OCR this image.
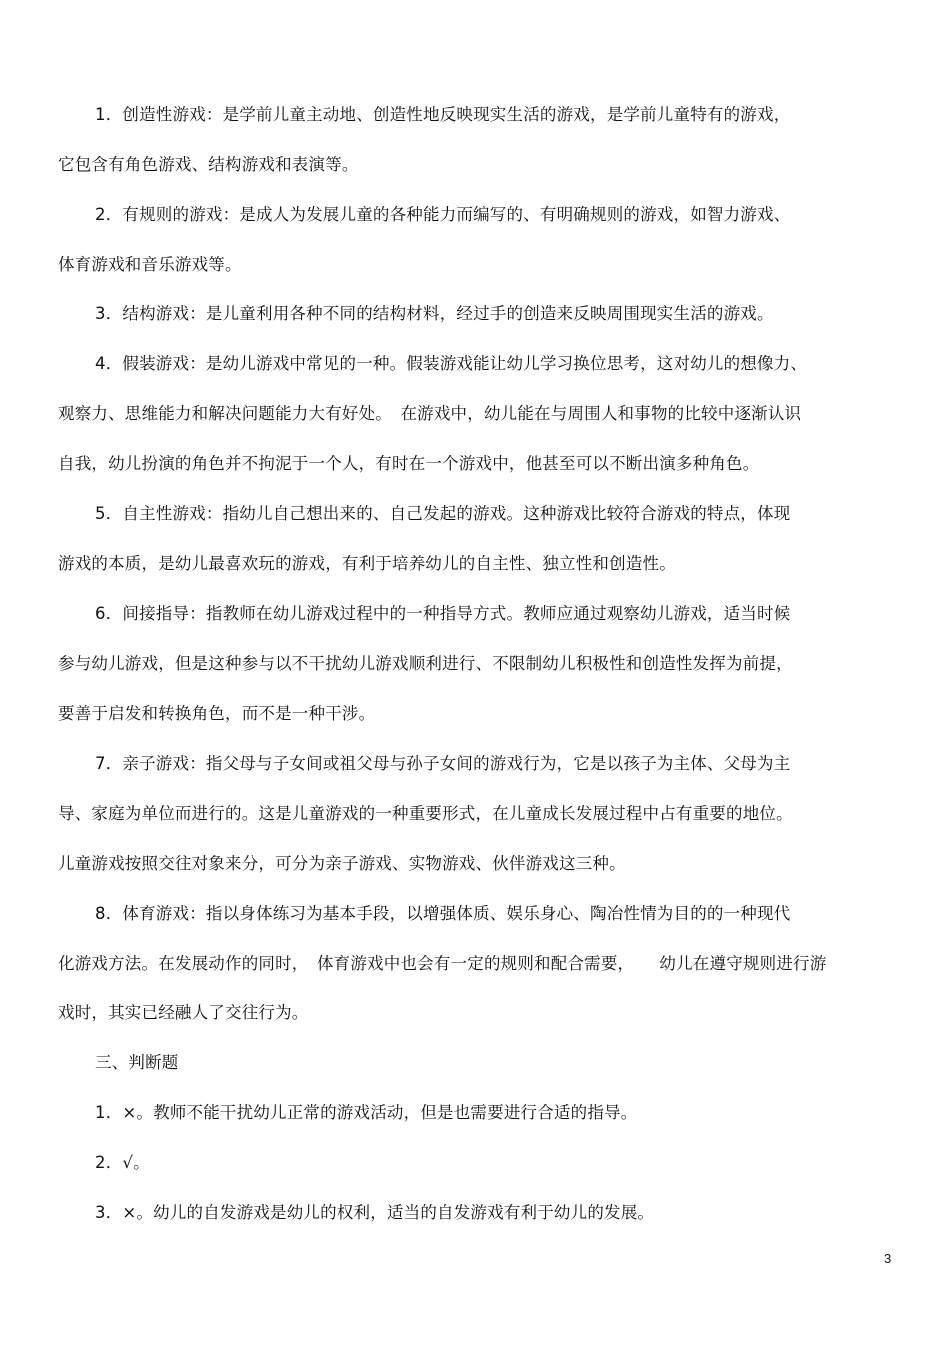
1．创造性游戏：是学前儿童主动地、创造性地反映现实生活的游戏，是学前儿童特有的游戏，
它包含有角色游戏、结构游戏和表演等。
2．有规则的游戏：是成人为发展儿童的各种能力而编写的、有明确规则的游戏，如智力游戏、
体育游戏和音乐游戏等。
3．结构游戏：是儿童利用各种不同的结构材料，经过手的创造来反映周围现实生活的游戏。
4．假装游戏：是幼儿游戏中常见的一种。假装游戏能让幼儿学习换位思考，这对幼儿的想像力、
观察力、思维能力和解决问题能力大有好处。　在游戏中，幼儿能在与周围人和事物的比较中逐渐认识
自我，幼儿扮演的角色并不拘泥于一个人，有时在一个游戏中，他甚至可以不断出演多种角色。
5．自主性游戏：指幼儿自己想出来的、自己发起的游戏。这种游戏比较符合游戏的特点，体现
游戏的本质，是幼儿最喜欢玩的游戏，有利于培养幼儿的自主性、独立性和创造性。
6．间接指导：指教师在幼儿游戏过程中的一种指导方式。教师应通过观察幼儿游戏，适当时候
参与幼儿游戏，但是这种参与以不干扰幼儿游戏顺利进行、不限制幼儿积极性和创造性发挥为前提，
要善于启发和转换角色，而不是一种干涉。
7．亲子游戏：指父母与子女间或祖父母与孙子女间的游戏行为，它是以孩子为主体、父母为主
导、家庭为单位而进行的。这是儿童游戏的一种重要形式，在儿童成长发展过程中占有重要的地位。
儿童游戏按照交往对象来分，可分为亲子游戏、实物游戏、伙伴游戏这三种。
8．体育游戏：指以身体练习为基本手段，以增强体质、娱乐身心、陶冶性情为目的的一种现代
化游戏方法。在发展动作的同时，　体育游戏中也会有一定的规则和配合需要，　　幼儿在遵守规则进行游
戏时，其实已经融人了交往行为。
三、判断题
1．×。教师不能干扰幼儿正常的游戏活动，但是也需要进行合适的指导。
2．√。
3．×。幼儿的自发游戏是幼儿的权利，适当的自发游戏有利于幼儿的发展。
3
